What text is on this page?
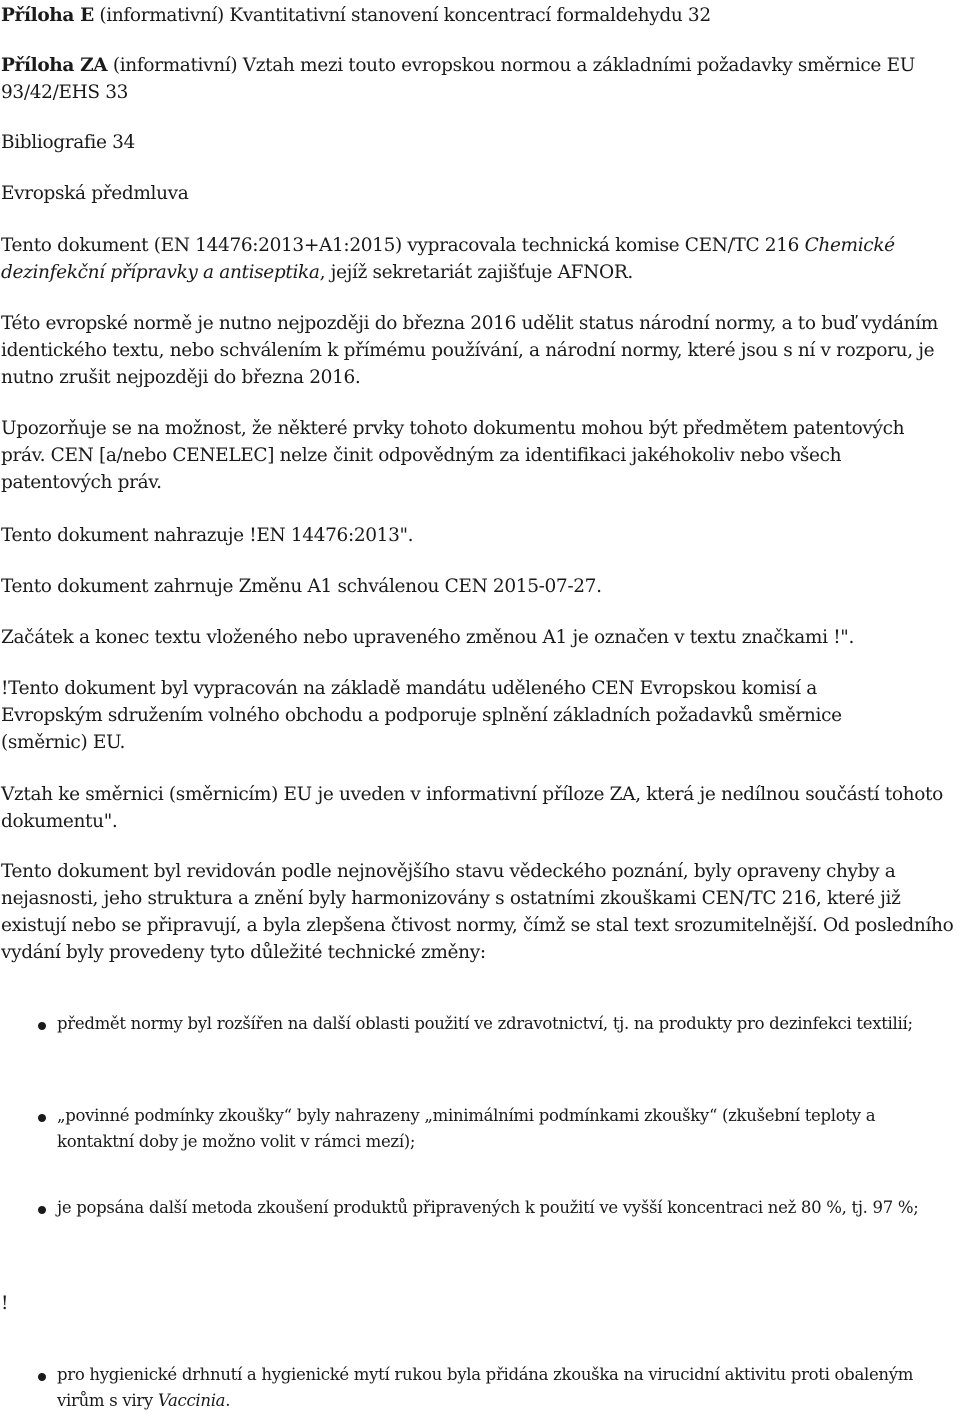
Příloha E (informativní) Kvantitativní stanovení koncentrací formaldehydu 32

Příloha ZA (informativní) Vztah mezi touto evropskou normou a základními požadavky směrnice EU 93/42/EHS 33

Bibliografie 34

Evropská předmluva

Tento dokument (EN 14476:2013+A1:2015) vypracovala technická komise CEN/TC 216 Chemické dezinfekční přípravky a antiseptika, jejíž sekretariát zajišťuje AFNOR.

Této evropské normě je nutno nejpozději do března 2016 udělit status národní normy, a to buď vydáním identického textu, nebo schválením k přímému používání, a národní normy, které jsou s ní v rozporu, je nutno zrušit nejpozději do března 2016.

Upozorňuje se na možnost, že některé prvky tohoto dokumentu mohou být předmětem patentových práv. CEN [a/nebo CENELEC] nelze činit odpovědným za identifikaci jakéhokoliv nebo všech patentových práv.

Tento dokument nahrazuje !EN 14476:2013".

Tento dokument zahrnuje Změnu A1 schválenou CEN 2015-07-27.

Začátek a konec textu vloženého nebo upraveného změnou A1 je označen v textu značkami !".

!Tento dokument byl vypracován na základě mandátu uděleného CEN Evropskou komisí a Evropským sdružením volného obchodu a podporuje splnění základních požadavků směrnice (směrnic) EU.

Vztah ke směrnici (směrnicím) EU je uveden v informativní příloze ZA, která je nedílnou součástí tohoto dokumentu".

Tento dokument byl revidován podle nejnovějšího stavu vědeckého poznání, byly opraveny chyby a nejasnosti, jeho struktura a znění byly harmonizovány s ostatními zkouškami CEN/TC 216, které již existují nebo se připravují, a byla zlepšena čtivost normy, čímž se stal text srozumitelnější. Od posledního vydání byly provedeny tyto důležité technické změny:

předmět normy byl rozšířen na další oblasti použití ve zdravotnictví, tj. na produkty pro dezinfekci textilií;
„povinné podmínky zkoušky“ byly nahrazeny „minimálními podmínkami zkoušky“ (zkušební teploty a kontaktní doby je možno volit v rámci mezí);
je popsána další metoda zkoušení produktů připravených k použití ve vyšší koncentraci než 80 %, tj. 97 %;
!
pro hygienické drhnutí a hygienické mytí rukou byla přidána zkouška na virucidní aktivitu proti obaleným virům s viry Vaccinia.
